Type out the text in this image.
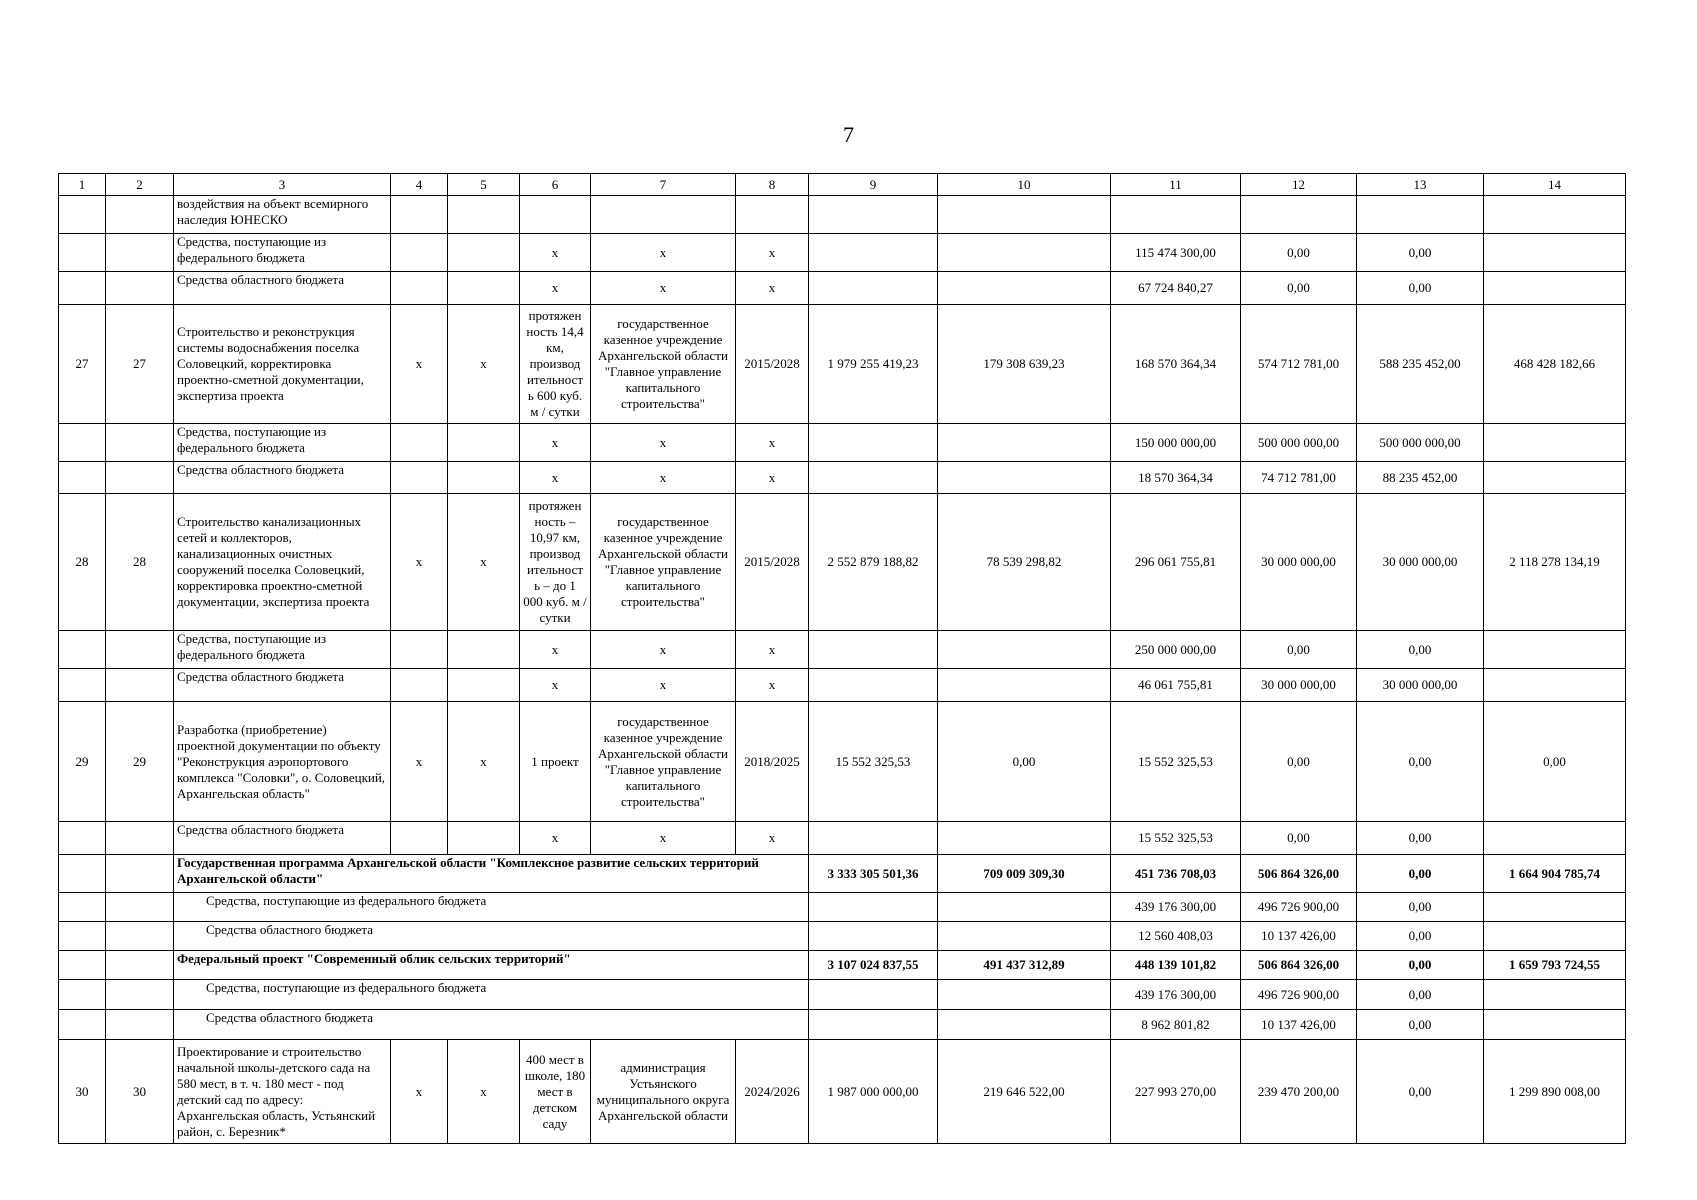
7
1	2	3	4	5	6	7	8	9	10	11	12	13	14
		воздействия на объект всемирного наследия ЮНЕСКО											
		Средства, поступающие из федерального бюджета			x	x	x			115 474 300,00	0,00	0,00	
		Средства областного бюджета			x	x	x			67 724 840,27	0,00	0,00	
27	27	Строительство и реконструкция системы водоснабжения поселка Соловецкий, корректировка проектно-сметной документации, экспертиза проекта	x	x	протяжен ность 14,4 км, производ ительност ь 600 куб. м / сутки	государственное казенное учреждение Архангельской области "Главное управление капитального строительства"	2015/2028	1 979 255 419,23	179 308 639,23	168 570 364,34	574 712 781,00	588 235 452,00	468 428 182,66
		Средства, поступающие из федерального бюджета			x	x	x			150 000 000,00	500 000 000,00	500 000 000,00	
		Средства областного бюджета			x	x	x			18 570 364,34	74 712 781,00	88 235 452,00	
28	28	Строительство канализационных сетей и коллекторов, канализационных очистных сооружений поселка Соловецкий, корректировка проектно-сметной документации, экспертиза проекта	x	x	протяжен ность – 10,97 км, производ ительност ь – до 1 000 куб. м / сутки	государственное казенное учреждение Архангельской области "Главное управление капитального строительства"	2015/2028	2 552 879 188,82	78 539 298,82	296 061 755,81	30 000 000,00	30 000 000,00	2 118 278 134,19
		Средства, поступающие из федерального бюджета			x	x	x			250 000 000,00	0,00	0,00	
		Средства областного бюджета			x	x	x			46 061 755,81	30 000 000,00	30 000 000,00	
29	29	Разработка (приобретение) проектной документации по объекту "Реконструкция аэропортового комплекса "Соловки", о. Соловецкий, Архангельская область"	x	x	1 проект	государственное казенное учреждение Архангельской области "Главное управление капитального строительства"	2018/2025	15 552 325,53	0,00	15 552 325,53	0,00	0,00	0,00
		Средства областного бюджета			x	x	x			15 552 325,53	0,00	0,00	
		Государственная программа Архангельской области "Комплексное развитие сельских территорий Архангельской области"						3 333 305 501,36	709 009 309,30	451 736 708,03	506 864 326,00	0,00	1 664 904 785,74
		Средства, поступающие из федерального бюджета								439 176 300,00	496 726 900,00	0,00	
		Средства областного бюджета								12 560 408,03	10 137 426,00	0,00	
		Федеральный проект "Современный облик сельских территорий"						3 107 024 837,55	491 437 312,89	448 139 101,82	506 864 326,00	0,00	1 659 793 724,55
		Средства, поступающие из федерального бюджета								439 176 300,00	496 726 900,00	0,00	
		Средства областного бюджета								8 962 801,82	10 137 426,00	0,00	
30	30	Проектирование и строительство начальной школы-детского сада на 580 мест, в т. ч. 180 мест - под детский сад по адресу: Архангельская область, Устьянский район, с. Березник*	x	x	400 мест в школе, 180 мест в детском саду	администрация Устьянского муниципального округа Архангельской области	2024/2026	1 987 000 000,00	219 646 522,00	227 993 270,00	239 470 200,00	0,00	1 299 890 008,00
